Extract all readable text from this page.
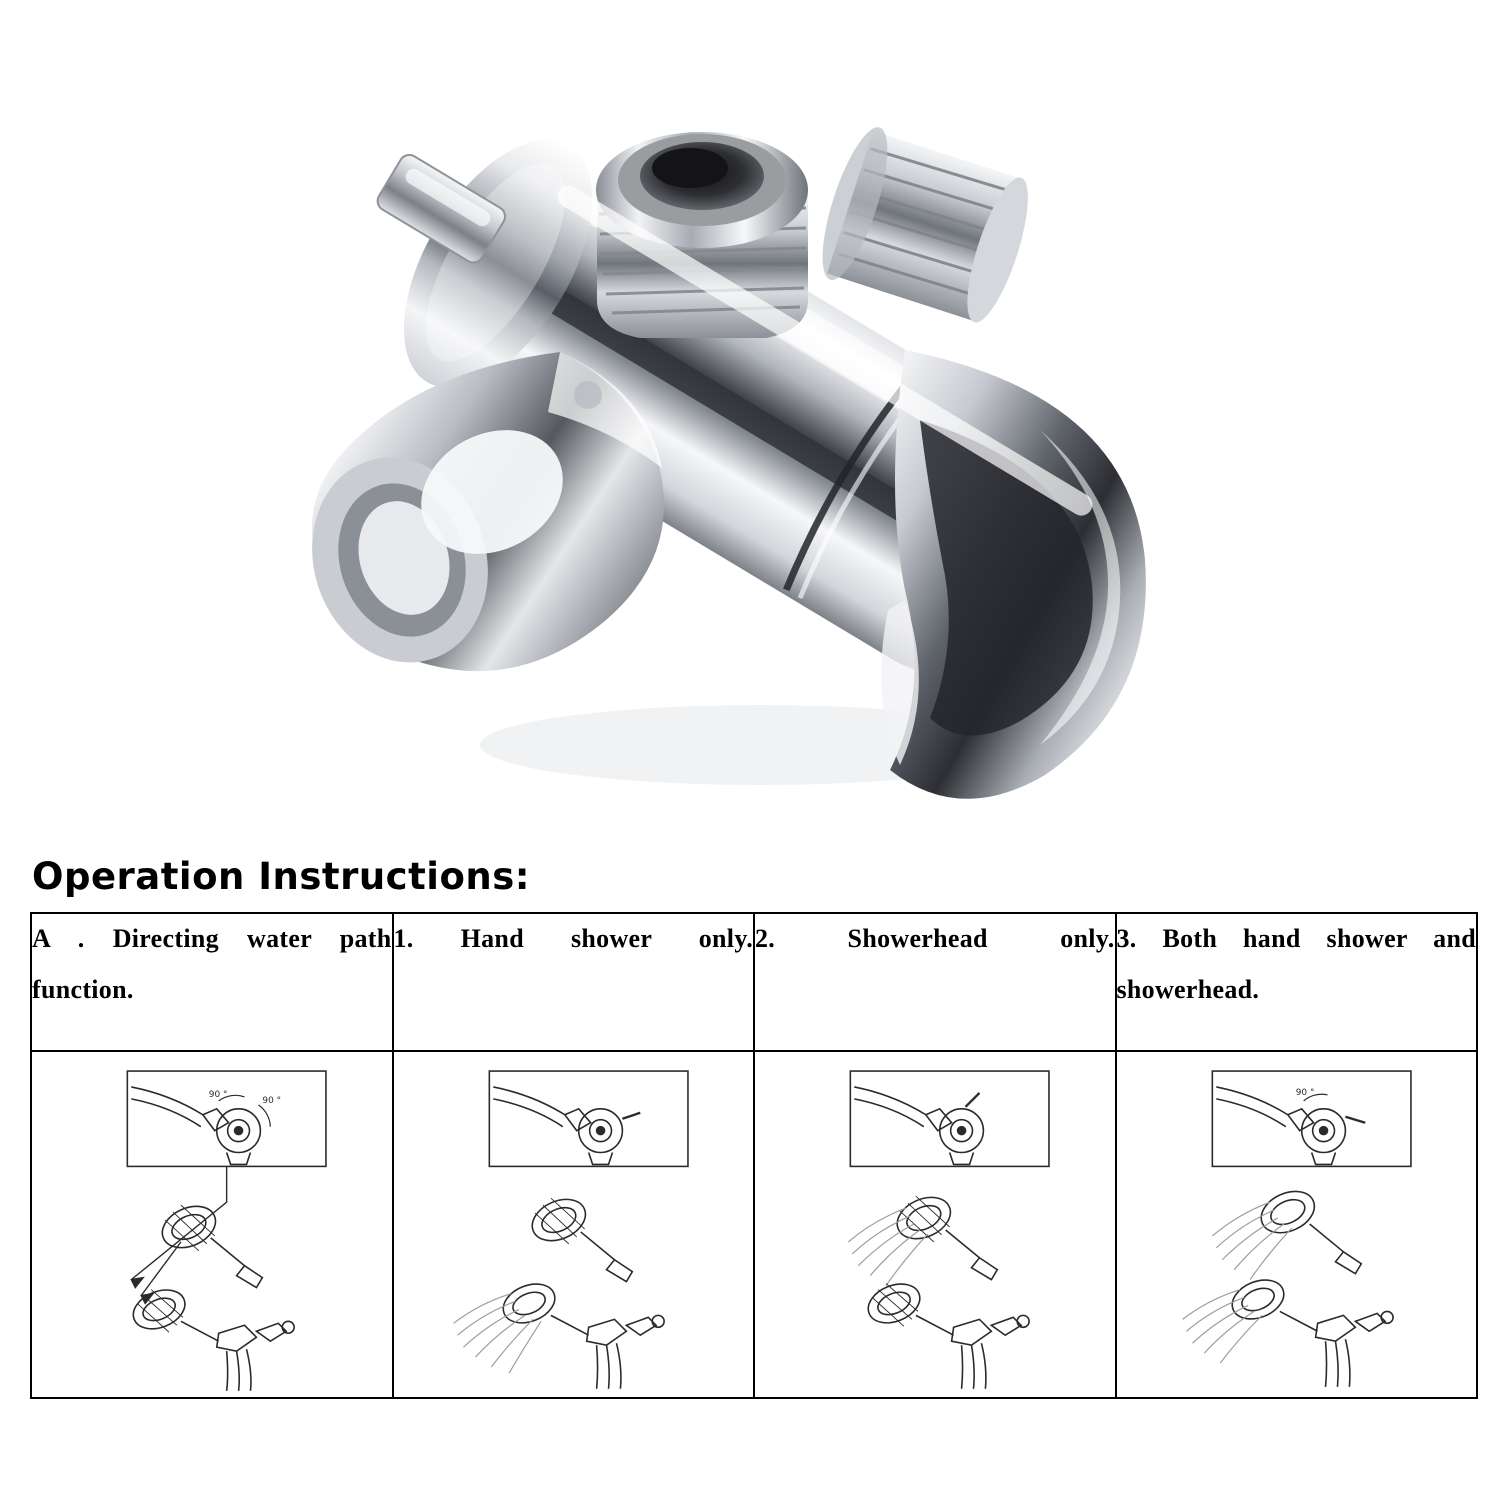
Operation Instructions:
A . Directing water path function.	1. Hand shower only.	2. Showerhead only.	3. Both hand shower and showerhead.

90 °
90 °			90 °
